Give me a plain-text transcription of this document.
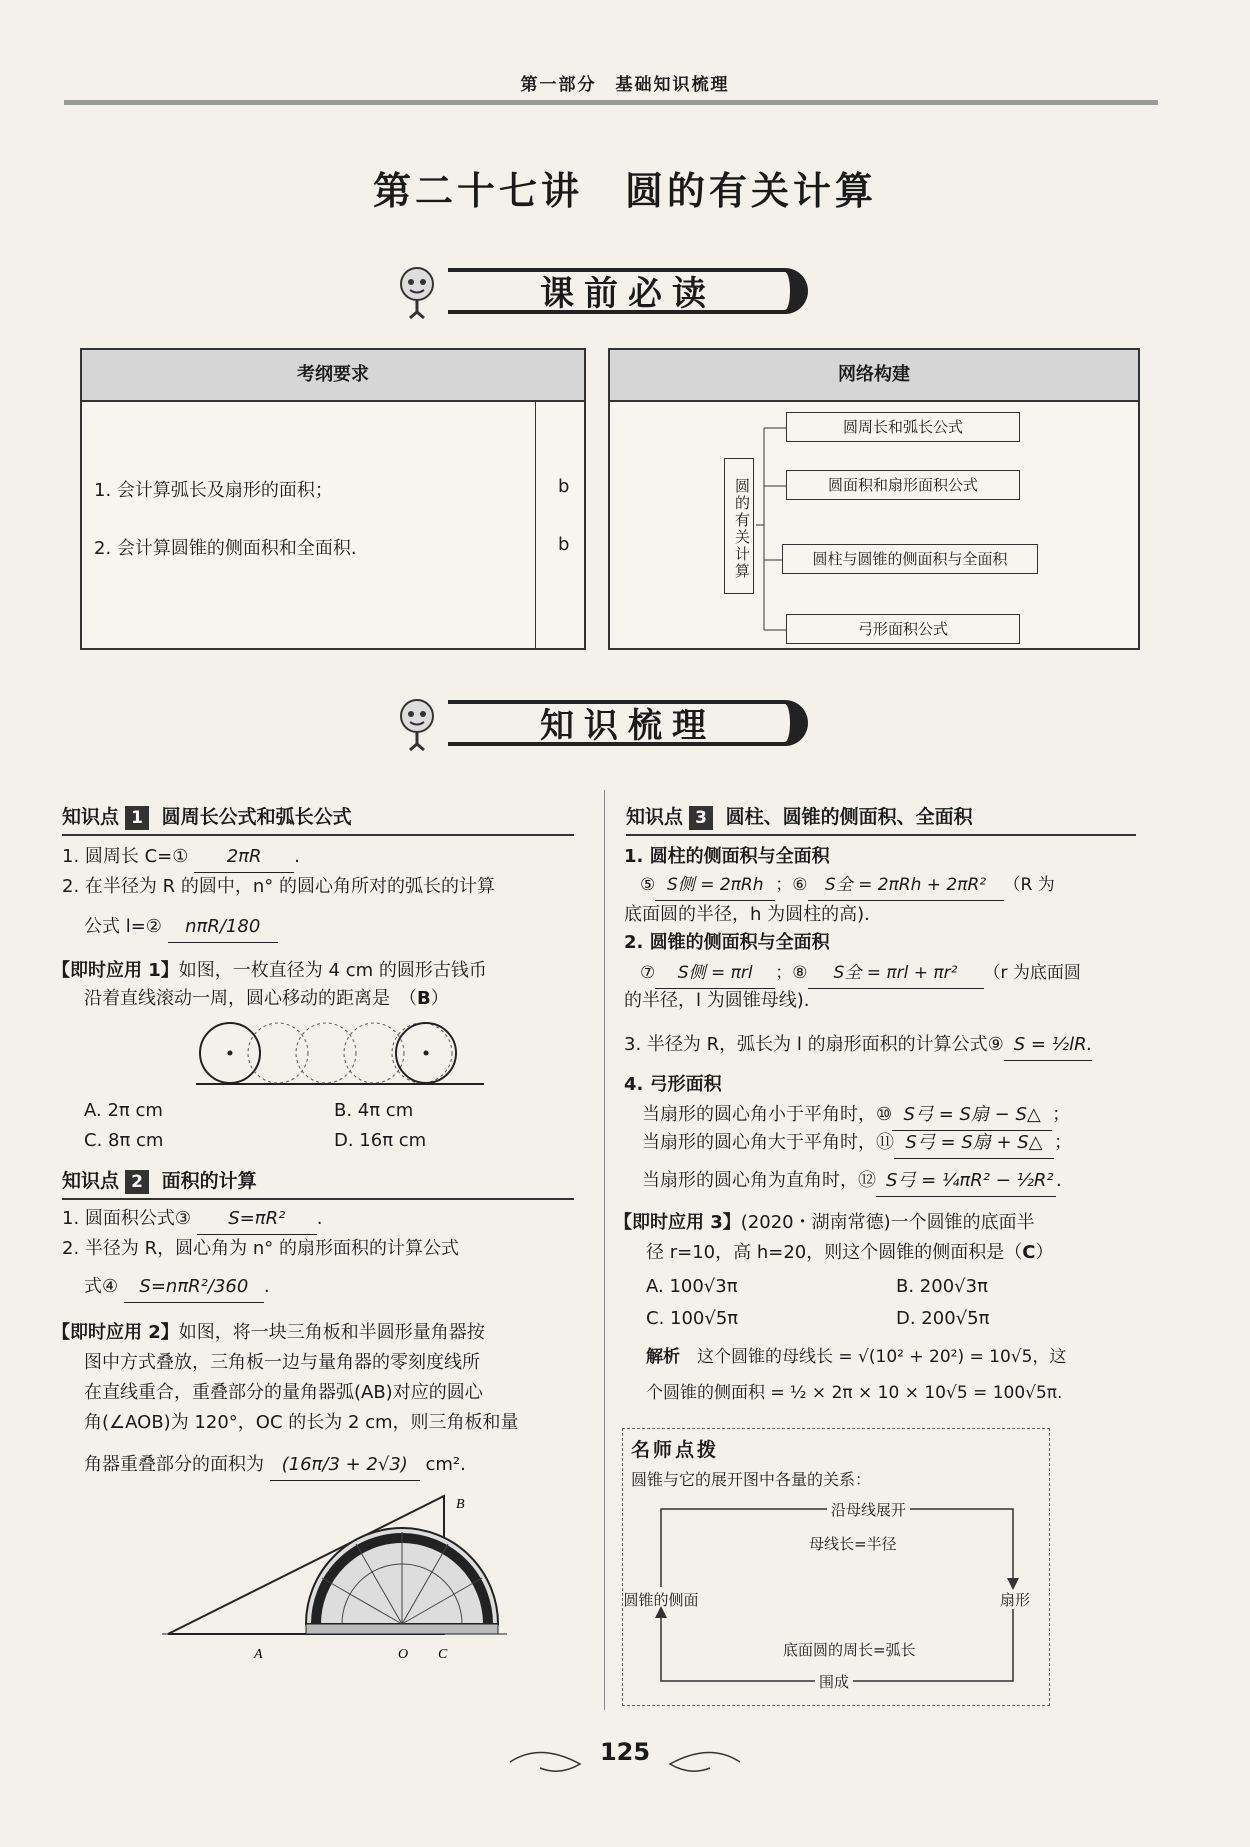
第一部分　基础知识梳理
第二十七讲　圆的有关计算
课前必读
考纲要求
1. 会计算弧长及扇形的面积；	b
2. 会计算圆锥的侧面积和全面积.	b
网络构建
圆的有关计算
圆周长和弧长公式
圆面积和扇形面积公式
圆柱与圆锥的侧面积与全面积
弓形面积公式
知识梳理
知识点 1 圆周长公式和弧长公式
1. 圆周长 C=① 2πR .
2. 在半径为 R 的圆中，n° 的圆心角所对的弧长的计算
公式 l=② nπR/180
【即时应用 1】如图，一枚直径为 4 cm 的圆形古钱币
沿着直线滚动一周，圆心移动的距离是　（B）
A. 2π cm	B. 4π cm
C. 8π cm	D. 16π cm
知识点 2 面积的计算
1. 圆面积公式③ S=πR² .
2. 半径为 R，圆心角为 n° 的扇形面积的计算公式
式④ S=nπR²/360 .
【即时应用 2】如图，将一块三角板和半圆形量角器按
图中方式叠放，三角板一边与量角器的零刻度线所
在直线重合，重叠部分的量角器弧(AB)对应的圆心
角(∠AOB)为 120°，OC 的长为 2 cm，则三角板和量
角器重叠部分的面积为 (16π/3 + 2√3) cm².
A	O C
B
知识点 3 圆柱、圆锥的侧面积、全面积
1. 圆柱的侧面积与全面积
⑤ S侧 = 2πRh ；⑥ S全 = 2πRh + 2πR² （R 为
底面圆的半径，h 为圆柱的高).
2. 圆锥的侧面积与全面积
⑦ S侧 = πrl ；⑧ S全 = πrl + πr² （r 为底面圆
的半径，l 为圆锥母线).
3. 半径为 R，弧长为 l 的扇形面积的计算公式⑨ S = ½lR.
4. 弓形面积
当扇形的圆心角小于平角时，⑩ S弓 = S扇 − S△ ；
当扇形的圆心角大于平角时，⑪ S弓 = S扇 + S△ ；
当扇形的圆心角为直角时，⑫ S弓 = ¼πR² − ½R² .
【即时应用 3】(2020・湖南常德)一个圆锥的底面半
径 r=10，高 h=20，则这个圆锥的侧面积是（C）
A. 100√3π	B. 200√3π
C. 100√5π	D. 200√5π
解析　 这个圆锥的母线长 = √(10² + 20²) = 10√5，这
个圆锥的侧面积 = ½ × 2π × 10 × 10√5 = 100√5π.
名师点拨
圆锥与它的展开图中各量的关系：
沿母线展开
母线长=半径
圆锥的侧面	扇形
底面圆的周长=弧长
围成
125
